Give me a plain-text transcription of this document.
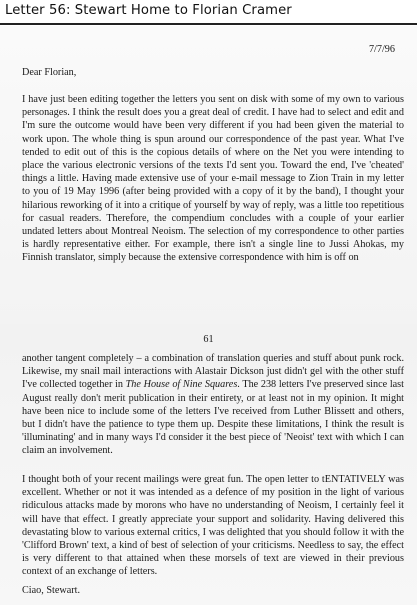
Letter 56: Stewart Home to Florian Cramer
7/7/96
Dear Florian,

I have just been editing together the letters you sent on disk with some of my own to various personages. I think the result does you a great deal of credit. I have had to select and edit and I'm sure the outcome would have been very different if you had been given the material to work upon. The whole thing is spun around our correspondence of the past year. What I've tended to edit out of this is the copious details of where on the Net you were intending to place the various electronic versions of the texts I'd sent you. Toward the end, I've 'cheated' things a little. Having made extensive use of your e-mail message to Zion Train in my letter to you of 19 May 1996 (after being provided with a copy of it by the band), I thought your hilarious reworking of it into a critique of yourself by way of reply, was a little too repetitious for casual readers. Therefore, the compendium concludes with a couple of your earlier undated letters about Montreal Neoism. The selection of my correspondence to other parties is hardly representative either. For example, there isn't a single line to Jussi Ahokas, my Finnish translator, simply because the extensive correspondence with him is off on

61

another tangent completely – a combination of translation queries and stuff about punk rock. Likewise, my snail mail interactions with Alastair Dickson just didn't gel with the other stuff I've collected together in The House of Nine Squares. The 238 letters I've preserved since last August really don't merit publication in their entirety, or at least not in my opinion. It might have been nice to include some of the letters I've received from Luther Blissett and others, but I didn't have the patience to type them up. Despite these limitations, I think the result is 'illuminating' and in many ways I'd consider it the best piece of 'Neoist' text with which I can claim an involvement.

I thought both of your recent mailings were great fun. The open letter to tENTATIVELY was excellent. Whether or not it was intended as a defence of my position in the light of various ridiculous attacks made by morons who have no understanding of Neoism, I certainly feel it will have that effect. I greatly appreciate your support and solidarity. Having delivered this devastating blow to various external critics, I was delighted that you should follow it with the 'Clifford Brown' text, a kind of best of selection of your criticisms. Needless to say, the effect is very different to that attained when these morsels of text are viewed in their previous context of an exchange of letters.

Ciao, Stewart.
